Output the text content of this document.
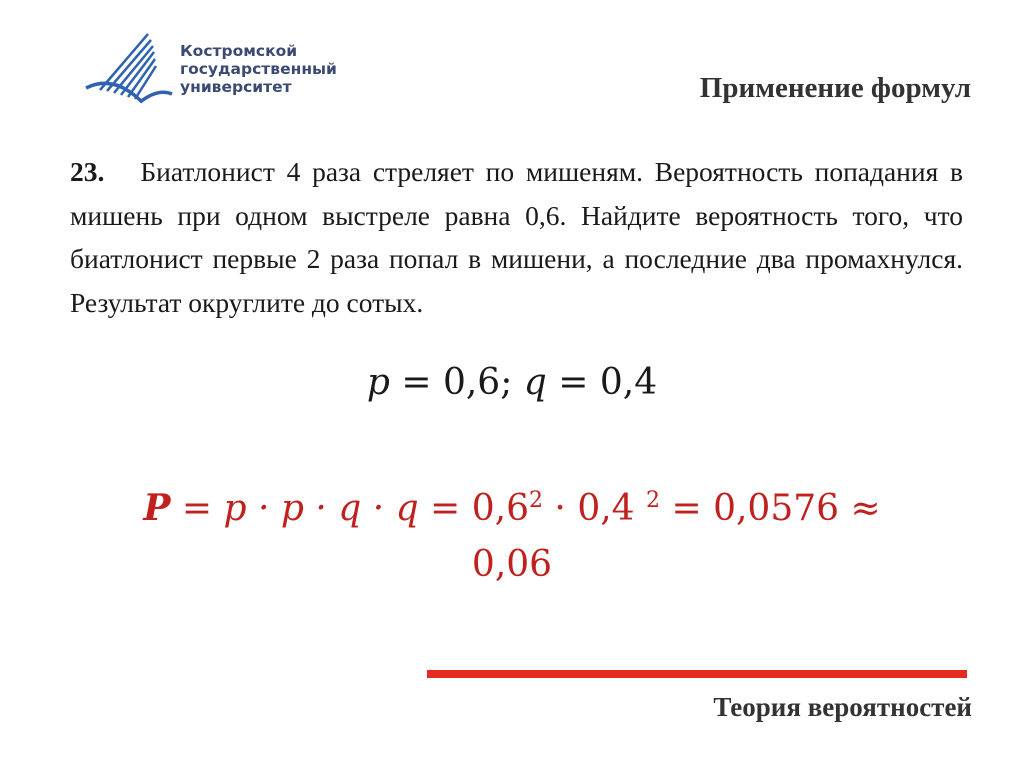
Костромской
государственный
университет	Применение формул
23. Биатлонист 4 раза стреляет по мишеням. Вероятность попадания в мишень при одном выстреле равна 0,6. Найдите вероятность того, что биатлонист первые 2 раза попал в мишени, а последние два промахнулся. Результат округлите до сотых.
p = 0,6; q = 0,4
$P = p \cdot p \cdot q \cdot q = 0,6^2 \cdot 0,4$ $^2$ = 0,0576 ≈
0,06
Теория вероятностей
